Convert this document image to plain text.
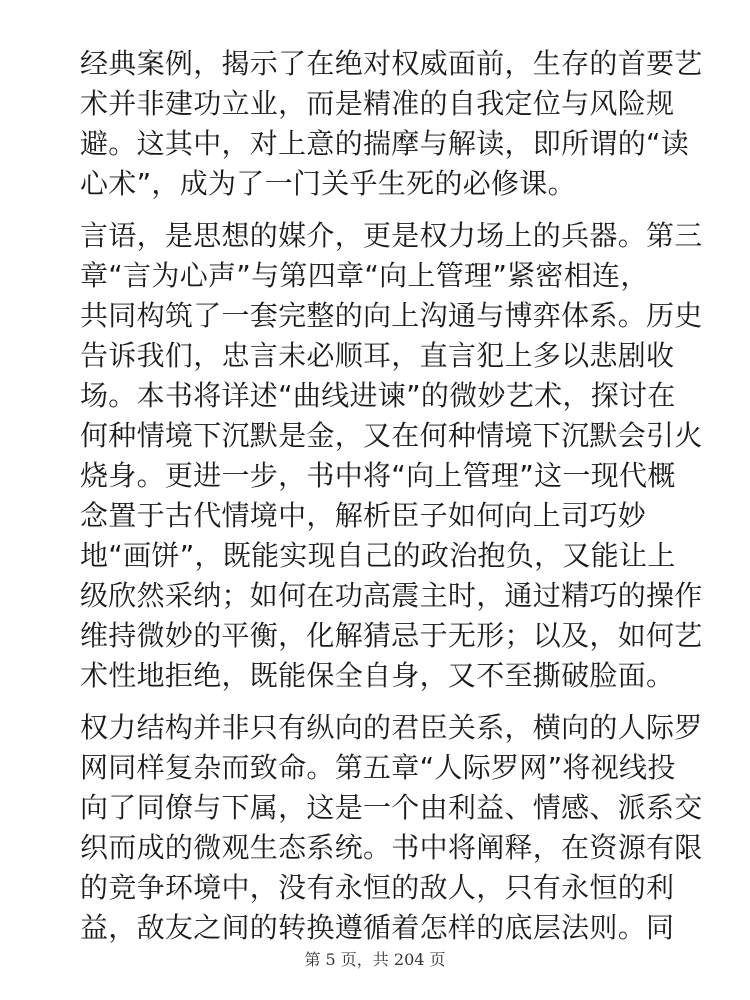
经典案例，揭示了在绝对权威面前，生存的首要艺
术并非建功立业，而是精准的自我定位与风险规
避。这其中，对上意的揣摩与解读，即所谓的“读
心术”，成为了一门关乎生死的必修课。
言语，是思想的媒介，更是权力场上的兵器。第三
章“言为心声”与第四章“向上管理”紧密相连，
共同构筑了一套完整的向上沟通与博弈体系。历史
告诉我们，忠言未必顺耳，直言犯上多以悲剧收
场。本书将详述“曲线进谏”的微妙艺术，探讨在
何种情境下沉默是金，又在何种情境下沉默会引火
烧身。更进一步，书中将“向上管理”这一现代概
念置于古代情境中，解析臣子如何向上司巧妙
地“画饼”，既能实现自己的政治抱负，又能让上
级欣然采纳；如何在功高震主时，通过精巧的操作
维持微妙的平衡，化解猜忌于无形；以及，如何艺
术性地拒绝，既能保全自身，又不至撕破脸面。
权力结构并非只有纵向的君臣关系，横向的人际罗
网同样复杂而致命。第五章“人际罗网”将视线投
向了同僚与下属，这是一个由利益、情感、派系交
织而成的微观生态系统。书中将阐释，在资源有限
的竞争环境中，没有永恒的敌人，只有永恒的利
益，敌友之间的转换遵循着怎样的底层法则。同
第 5 页，共 204 页
